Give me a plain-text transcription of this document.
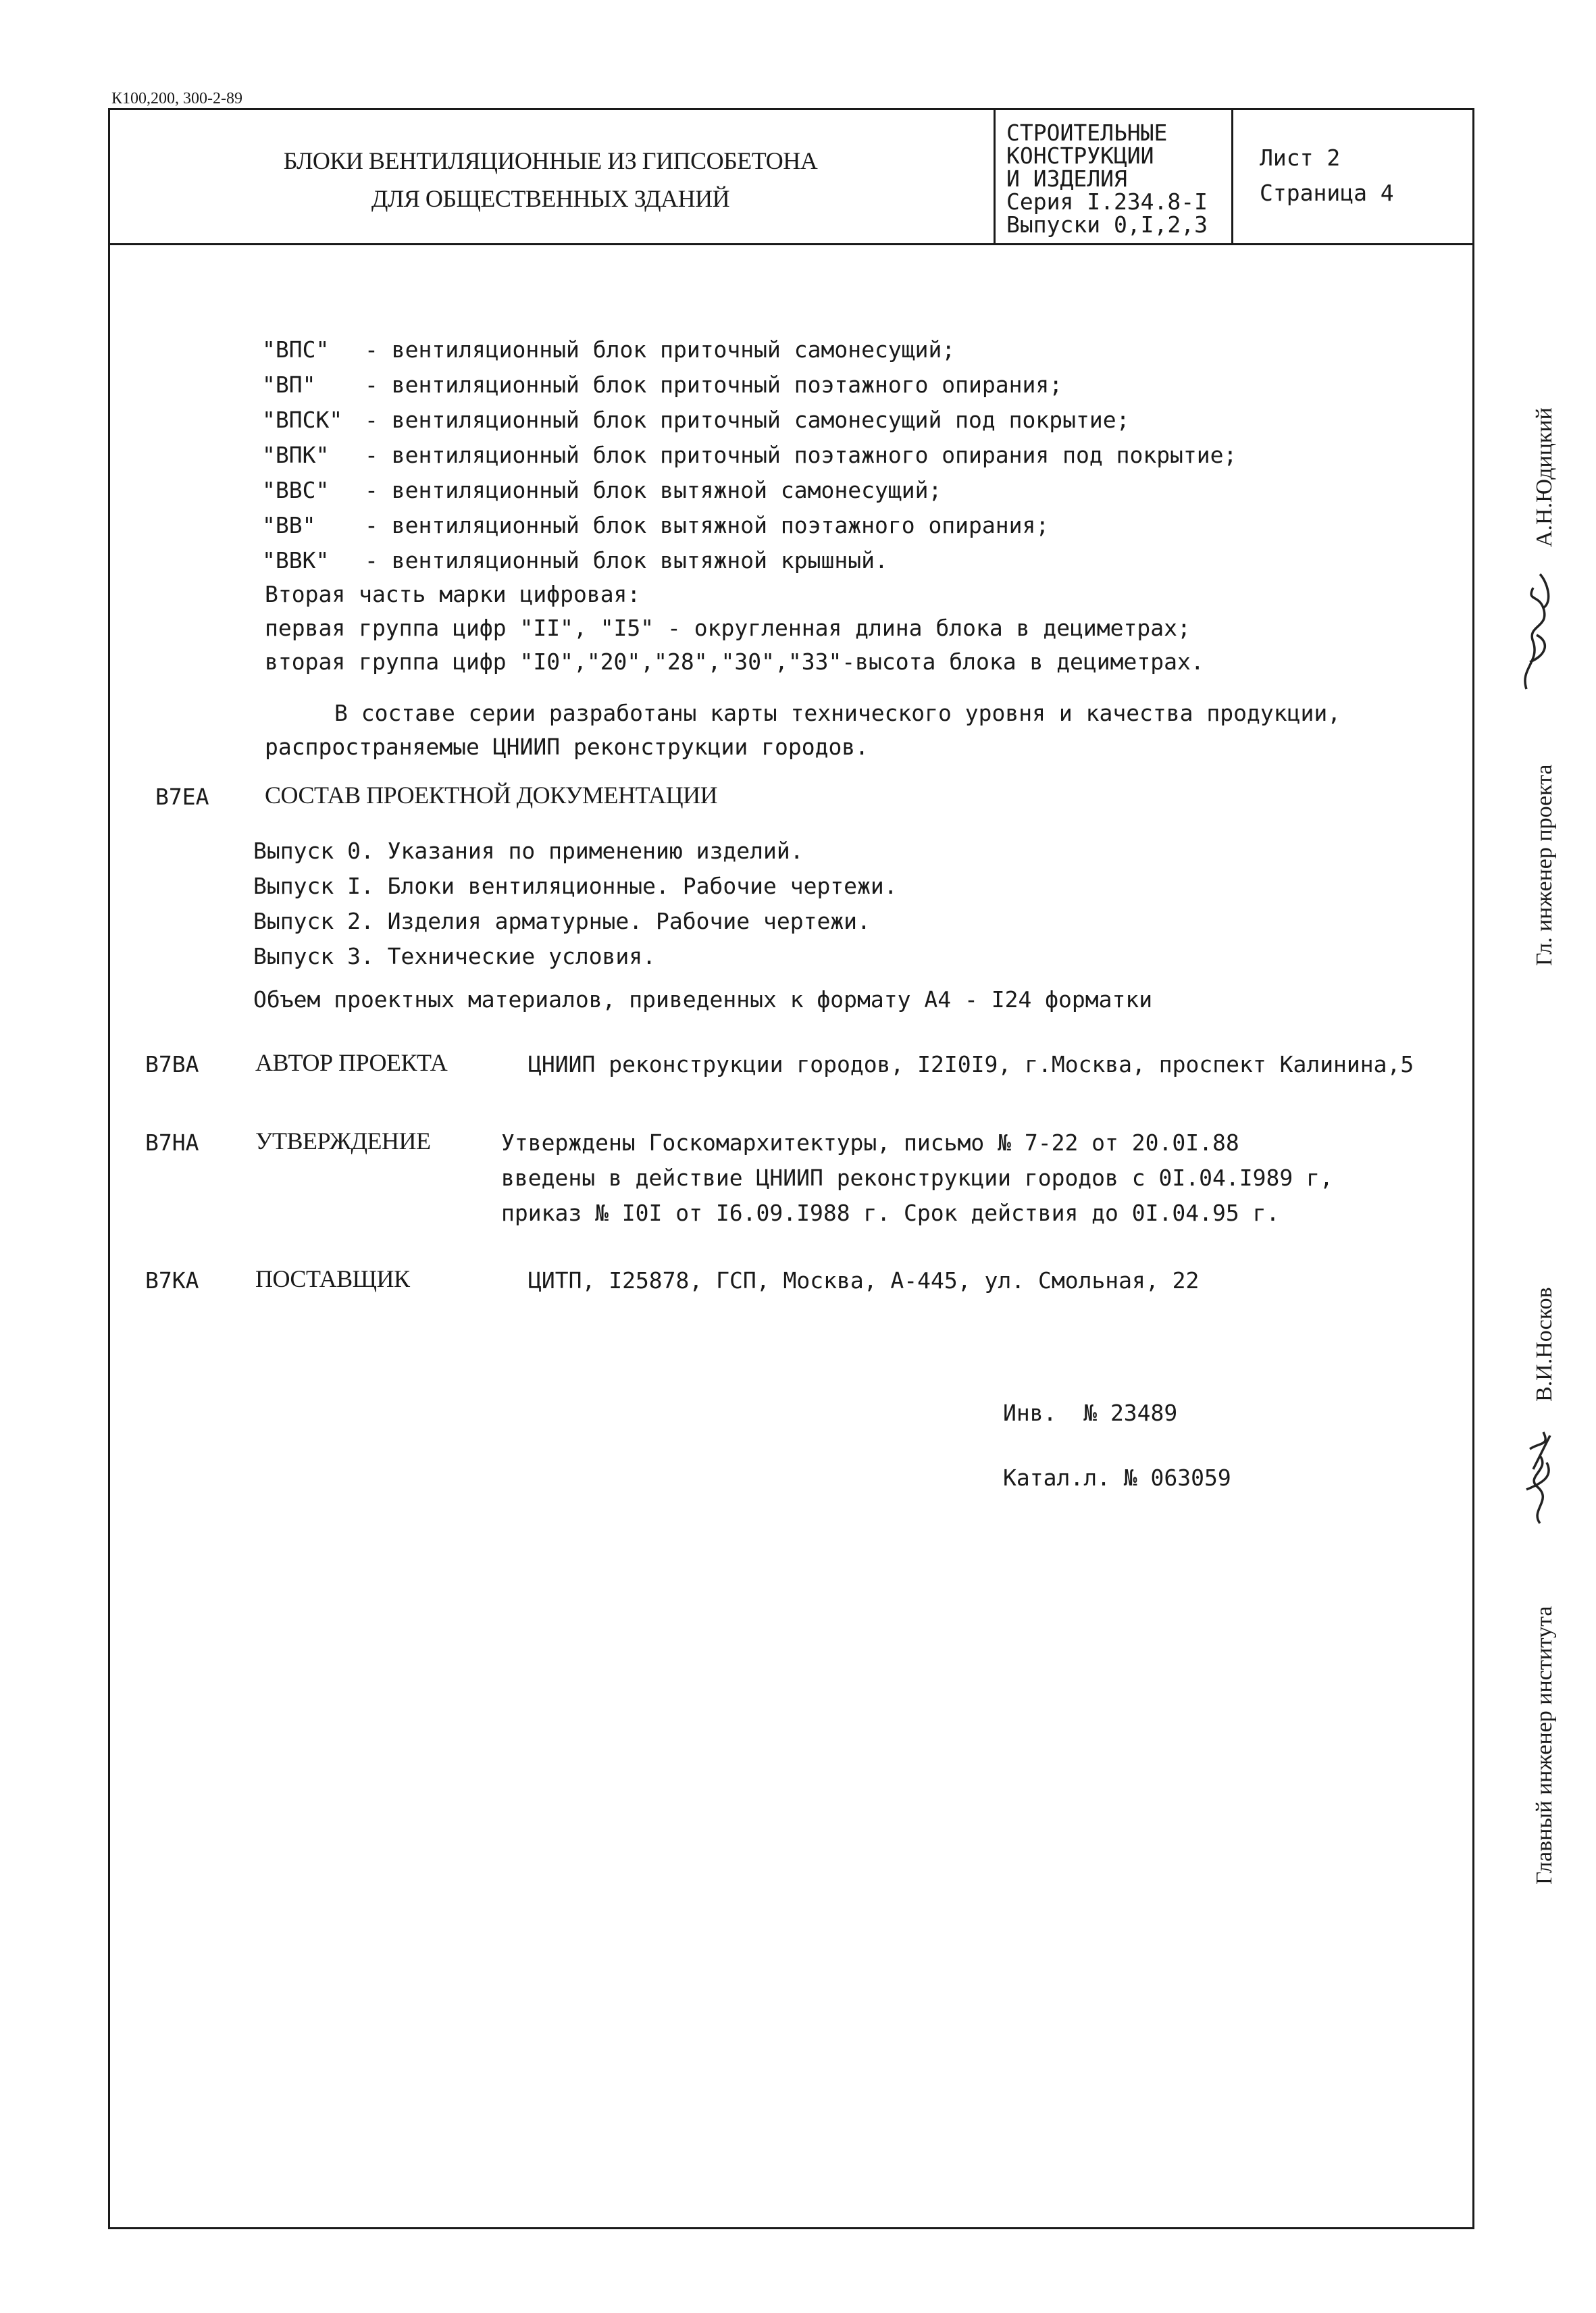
К100,200, 300-2-89
БЛОКИ ВЕНТИЛЯЦИОННЫЕ ИЗ ГИПСОБЕТОНА
ДЛЯ ОБЩЕСТВЕННЫХ ЗДАНИЙ
СТРОИТЕЛЬНЫЕ
КОНСТРУКЦИИ
И ИЗДЕЛИЯ
Серия I.234.8-I
Выпуски 0,I,2,3
Лист 2
Страница 4
"ВПС" - вентиляционный блок приточный самонесущий;
"ВП" - вентиляционный блок приточный поэтажного опирания;
"ВПСК" - вентиляционный блок приточный самонесущий под покрытие;
"ВПК" - вентиляционный блок приточный поэтажного опирания под покрытие;
"ВВС" - вентиляционный блок вытяжной самонесущий;
"ВВ" - вентиляционный блок вытяжной поэтажного опирания;
"ВВК" - вентиляционный блок вытяжной крышный.
Вторая часть марки цифровая:
первая группа цифр "II", "I5" - округленная длина блока в дециметрах;
вторая группа цифр "I0","20","28","30","33"-высота блока в дециметрах.
В составе серии разработаны карты технического уровня и качества продукции,
распространяемые ЦНИИП реконструкции городов.
В7ЕА СОСТАВ ПРОЕКТНОЙ ДОКУМЕНТАЦИИ
Выпуск 0. Указания по применению изделий.
Выпуск I. Блоки вентиляционные. Рабочие чертежи.
Выпуск 2. Изделия арматурные. Рабочие чертежи.
Выпуск 3. Технические условия.
Объем проектных материалов, приведенных к формату А4 - I24 форматки
В7ВА АВТОР ПРОЕКТА	ЦНИИП реконструкции городов, I2I0I9, г.Москва, проспект Калинина,5
В7НА УТВЕРЖДЕНИЕ	Утверждены Госкомархитектуры, письмо № 7-22 от 20.0I.88
введены в действие ЦНИИП реконструкции городов с 0I.04.I989 г,
приказ № I0I от I6.09.I988 г. Срок действия до 0I.04.95 г.
В7КА ПОСТАВЩИК	ЦИТП, I25878, ГСП, Москва, А-445, ул. Смольная, 22
Инв.  № 23489
Катал.л. № 063059
А.Н.Юдицкий
Гл. инженер проекта
В.И.Носков
Главный инженер института
